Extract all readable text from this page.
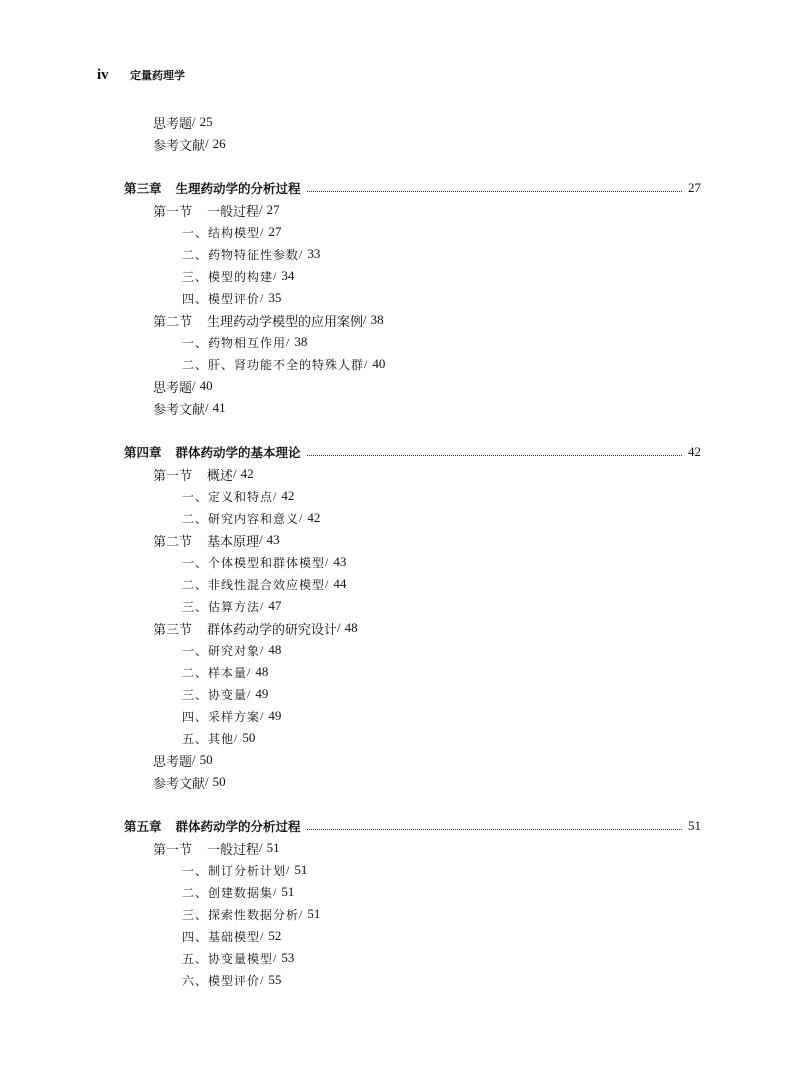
iv	定量药理学
思考题 / 25
参考文献 / 26
第三章 生理药动学的分析过程	27
第一节	一般过程 / 27
一、结构模型 / 27
二、药物特征性参数 / 33
三、模型的构建 / 34
四、模型评价 / 35
第二节	生理药动学模型的应用案例 / 38
一、药物相互作用 / 38
二、肝、肾功能不全的特殊人群 / 40
思考题 / 40
参考文献 / 41
第四章 群体药动学的基本理论	42
第一节	概述 / 42
一、定义和特点 / 42
二、研究内容和意义 / 42
第二节	基本原理 / 43
一、个体模型和群体模型 / 43
二、非线性混合效应模型 / 44
三、估算方法 / 47
第三节	群体药动学的研究设计 / 48
一、研究对象 / 48
二、样本量 / 48
三、协变量 / 49
四、采样方案 / 49
五、其他 / 50
思考题 / 50
参考文献 / 50
第五章 群体药动学的分析过程	51
第一节	一般过程 / 51
一、制订分析计划 / 51
二、创建数据集 / 51
三、探索性数据分析 / 51
四、基础模型 / 52
五、协变量模型 / 53
六、模型评价 / 55
